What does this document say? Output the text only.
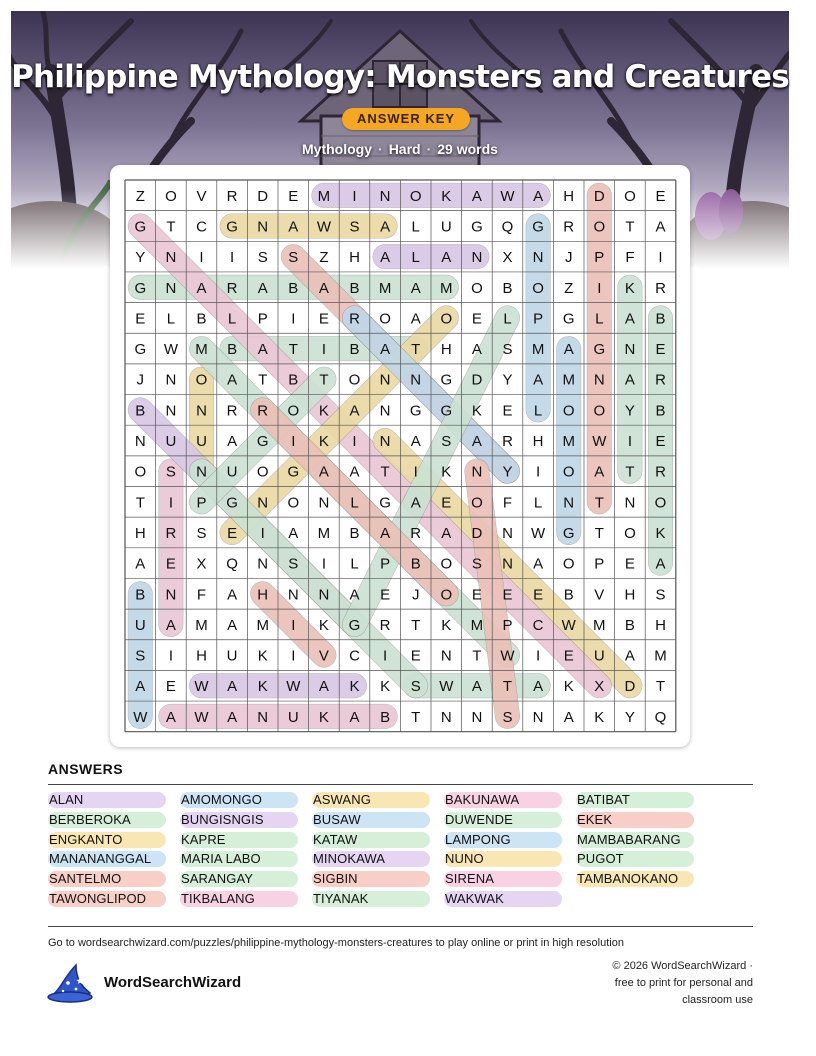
Philippine Mythology: Monsters and Creatures
ANSWER KEY
Mythology · Hard · 29 words
Z O V R D E M I N O K A W A H D O E
G T C G N A W S A L U G Q G R O T A
Y N I I S S Z H A L A N X N J P F I
G N A R A B A B M A M O B O Z I K R
E L B L P I E R O A O E L P G L A B
G W M B A T I B A T H A S M A G N E
J N O A T B T O N N G D Y A M N A R
B N N R R O K A N G G K E L O O Y B
N U U A G I K I N A S A R H M W I E
O S N U O G A A T I K N Y I O A T R
T I P G N O N L G A E O F L N T N O
H R S E I A M B A R A D N W G T O K
A E X Q N S I L P B O S N A O P E A
B N F A H N N A E J O E E E B V H S
U A M A M I K G R T K M P C W M B H
S I H U K I V C I E N T W I E U A M
A E W A K W A K K S W A T A K X D T
W A W A N U K A B T N N S N A K Y Q
ANSWERS
ALAN
BERBEROKA
ENGKANTO
MANANANGGAL
SANTELMO
TAWONGLIPOD
AMOMONGO
BUNGISNGIS
KAPRE
MARIA LABO
SARANGAY
TIKBALANG
ASWANG
BUSAW
KATAW
MINOKAWA
SIGBIN
TIYANAK
BAKUNAWA
DUWENDE
LAMPONG
NUNO
SIRENA
WAKWAK
BATIBAT
EKEK
MAMBABARANG
PUGOT
TAMBANOKANO
Go to wordsearchwizard.com/puzzles/philippine-mythology-monsters-creatures to play online or print in high resolution
WordSearchWizard
© 2026 WordSearchWizard ·
free to print for personal and
classroom use
